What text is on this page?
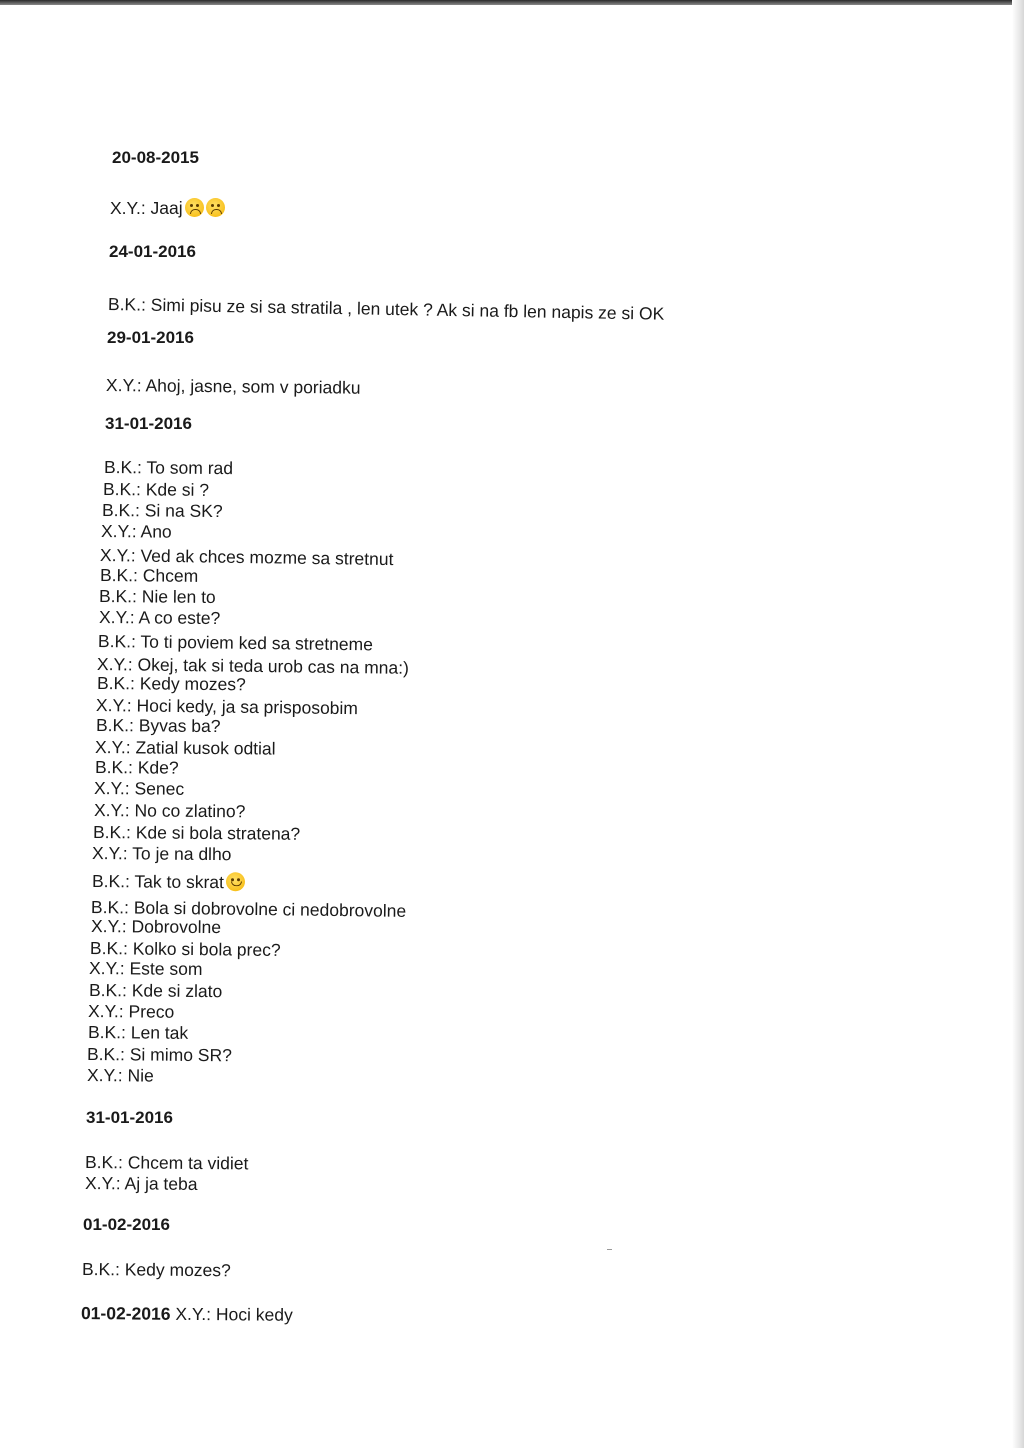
20-08-2015
X.Y.: Jaaj
24-01-2016
B.K.: Simi pisu ze si sa stratila , len utek ? Ak si na fb len napis ze si OK
29-01-2016
X.Y.: Ahoj, jasne, som v poriadku
31-01-2016
B.K.: To som rad
B.K.: Kde si ?
B.K.: Si na SK?
X.Y.: Ano
X.Y.: Ved ak chces mozme sa stretnut
B.K.: Chcem
B.K.: Nie len to
X.Y.: A co este?
B.K.: To ti poviem ked sa stretneme
X.Y.: Okej, tak si teda urob cas na mna:)
B.K.: Kedy mozes?
X.Y.: Hoci kedy, ja sa prisposobim
B.K.: Byvas ba?
X.Y.: Zatial kusok odtial
B.K.: Kde?
X.Y.: Senec
X.Y.: No co zlatino?
B.K.: Kde si bola stratena?
X.Y.: To je na dlho
B.K.: Tak to skrat
B.K.: Bola si dobrovolne ci nedobrovolne
X.Y.: Dobrovolne
B.K.: Kolko si bola prec?
X.Y.: Este som
B.K.: Kde si zlato
X.Y.: Preco
B.K.: Len tak
B.K.: Si mimo SR?
X.Y.: Nie
31-01-2016
B.K.: Chcem ta vidiet
X.Y.: Aj ja teba
01-02-2016
B.K.: Kedy mozes?
01-02-2016 X.Y.: Hoci kedy
